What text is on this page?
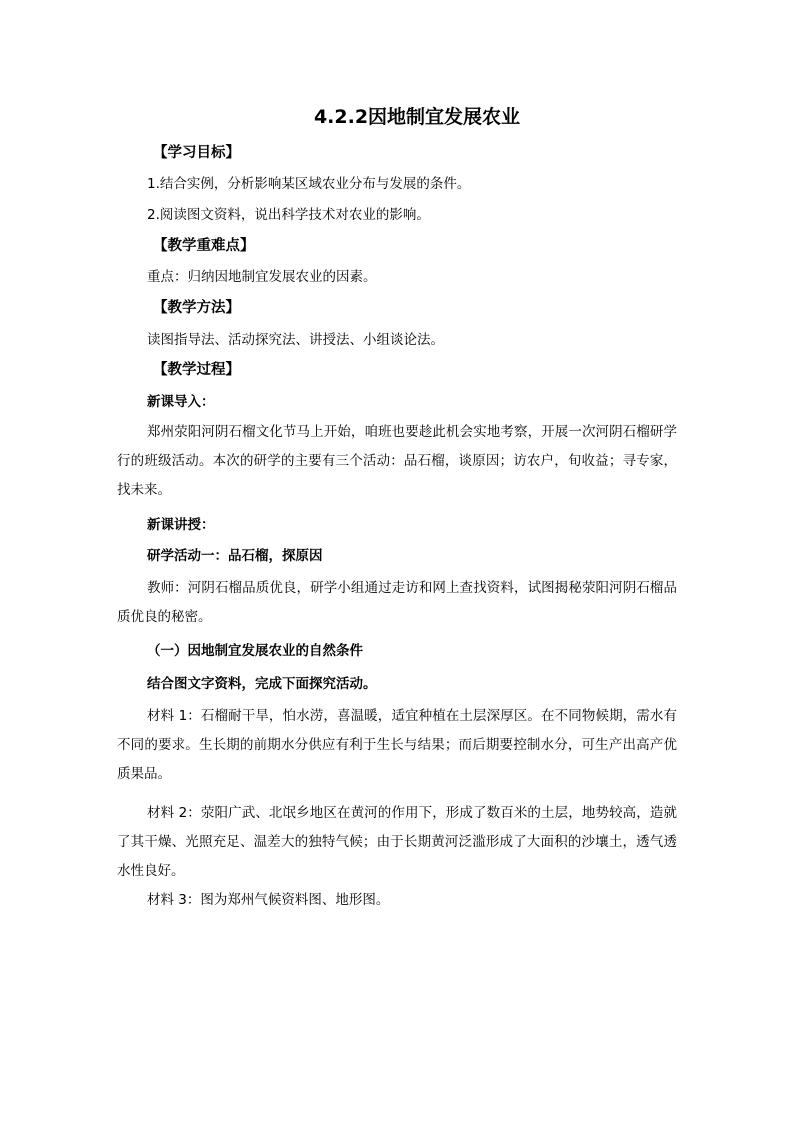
4.2.2因地制宜发展农业
【学习目标】
1.结合实例，分析影响某区域农业分布与发展的条件。
2.阅读图文资料，说出科学技术对农业的影响。
【教学重难点】
重点：归纳因地制宜发展农业的因素。
【教学方法】
读图指导法、活动探究法、讲授法、小组谈论法。
【教学过程】
新课导入：

郑州荥阳河阴石榴文化节马上开始，咱班也要趁此机会实地考察，开展一次河阴石榴研学行的班级活动。本次的研学的主要有三个活动：品石榴，谈原因；访农户，旬收益；寻专家，找未来。

新课讲授：
研学活动一：品石榴，探原因

教师：河阴石榴品质优良，研学小组通过走访和网上查找资料，试图揭秘荥阳河阴石榴品质优良的秘密。

（一）因地制宜发展农业的自然条件
结合图文字资料，完成下面探究活动。

材料 1：石榴耐干旱，怕水涝，喜温暖，适宜种植在土层深厚区。在不同物候期，需水有不同的要求。生长期的前期水分供应有利于生长与结果；而后期要控制水分，可生产出高产优质果品。

材料 2：荥阳广武、北氓乡地区在黄河的作用下，形成了数百米的土层，地势较高，造就了其干燥、光照充足、温差大的独特气候；由于长期黄河泛滥形成了大面积的沙壤土，透气透水性良好。

材料 3：图为郑州气候资料图、地形图。
